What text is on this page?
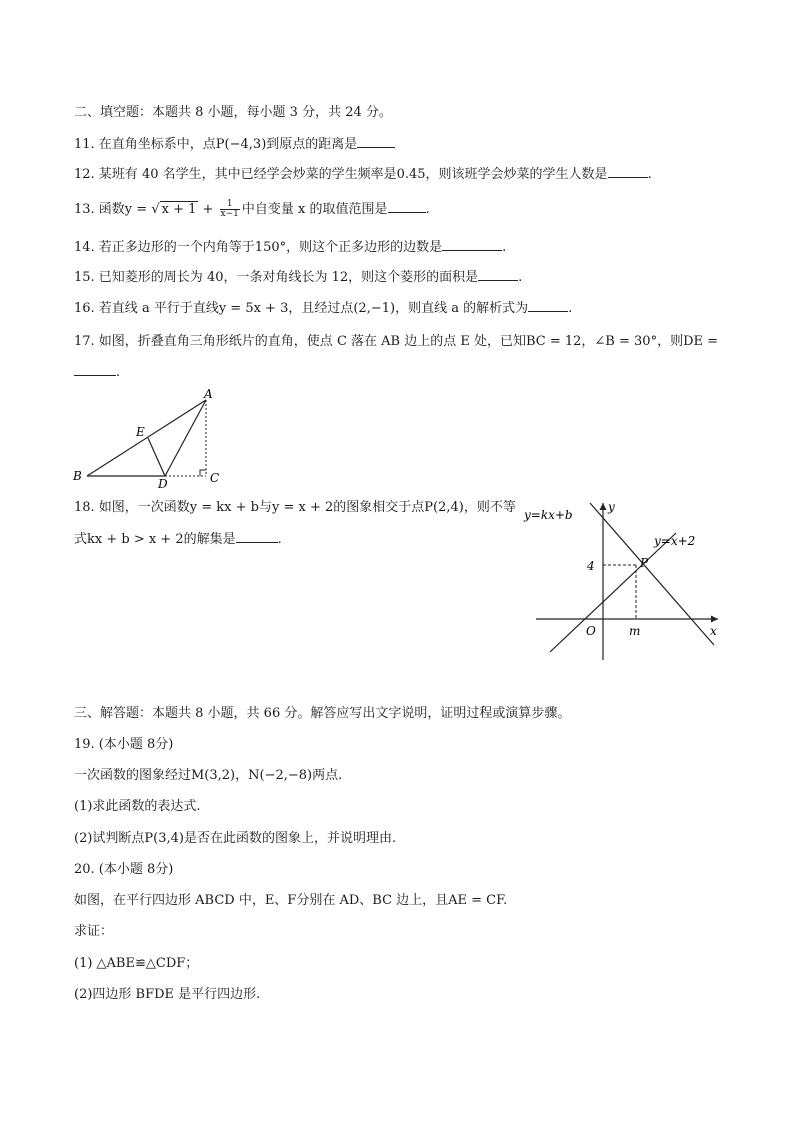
二、填空题：本题共 8 小题，每小题 3 分，共 24 分。
11. 在直角坐标系中，点P(−4,3)到原点的距离是
12. 某班有 40 名学生，其中已经学会炒菜的学生频率是0.45，则该班学会炒菜的学生人数是	.
13. 函数y = √ $x + 1 + \frac{1}{x-1}$ 中自变量 x 的取值范围是	.
14. 若正多边形的一个内角等于150°，则这个正多边形的边数是	.
15. 已知菱形的周长为 40，一条对角线长为 12，则这个菱形的面积是	.
16. 若直线 a 平行于直线y = 5x + 3，且经过点(2,−1)，则直线 a 的解析式为	.
17. 如图，折叠直角三角形纸片的直角，使点 C 落在 AB 边上的点 E 处，已知BC = 12，∠B = 30°，则DE =
.
A
B	C
D
E
18. 如图，一次函数y = kx + b与y = x + 2的图象相交于点P(2,4)，则不等
式kx + b > x + 2的解集是	.
y
x
O
P
m
4
y=kx+b
y=x+2
三、解答题：本题共 8 小题，共 66 分。解答应写出文字说明，证明过程或演算步骤。
19. (本小题 8分)
一次函数的图象经过M(3,2)，N(−2,−8)两点.
(1)求此函数的表达式.
(2)试判断点P(3,4)是否在此函数的图象上，并说明理由.
20. (本小题 8分)
如图，在平行四边形 ABCD 中，E、F分别在 AD、BC 边上，且AE = CF.
求证：
(1) △ABE≌△CDF；
(2)四边形 BFDE 是平行四边形.
